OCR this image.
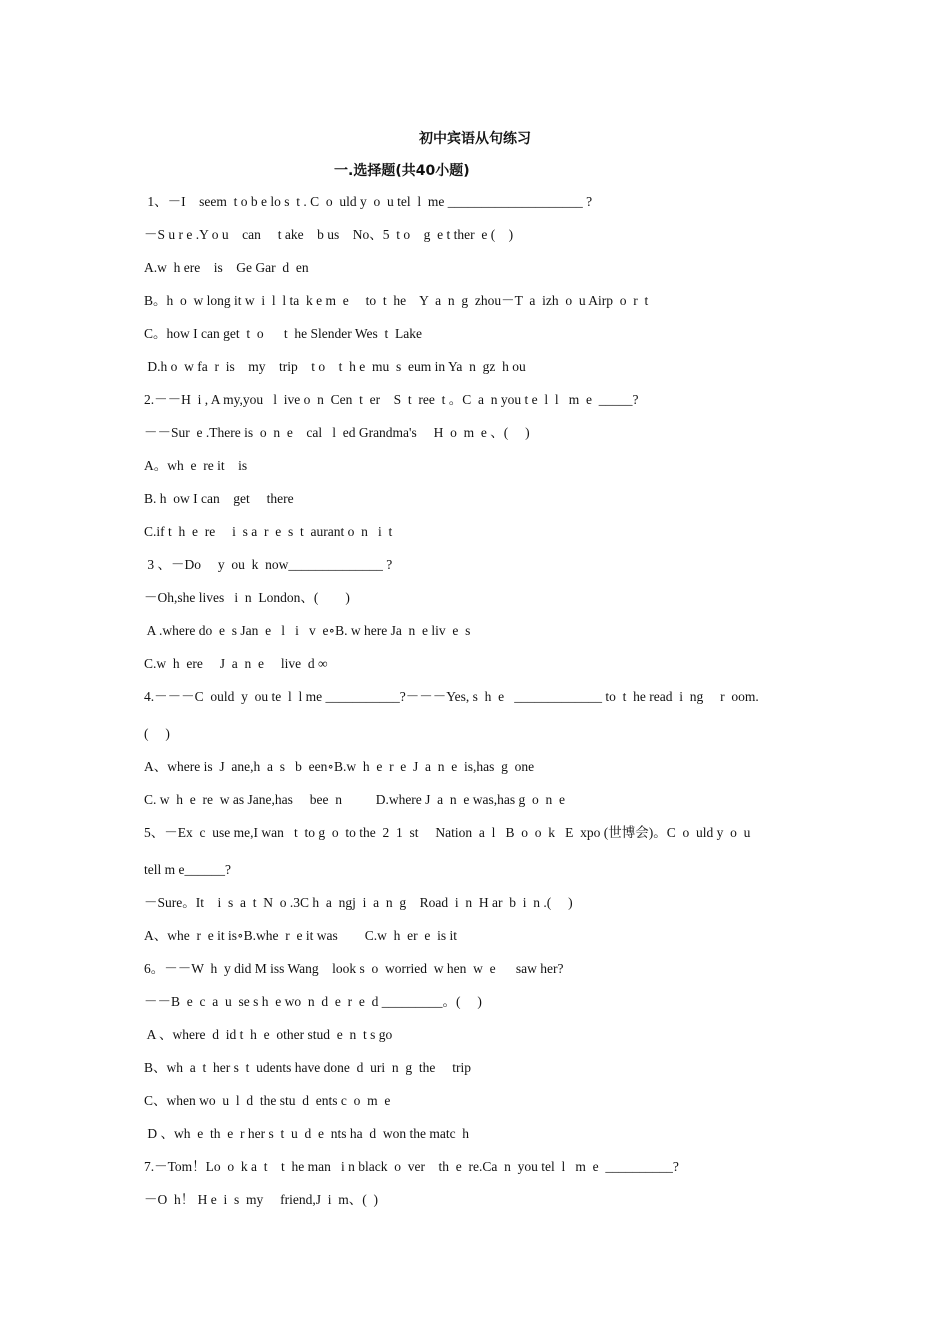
初中宾语从句练习
一.选择题(共40小题)
1、－I    seem  t o b e lo s  t . C  o  uld y  o  u tel  l  me ____________________ ?
－S u r e .Y o u    can     t ake    b us    No、5  t o    g  e t ther  e (    )
A.w  h ere    is    Ge Gar  d  en
B。h  o  w long it w  i  l  l ta  k e m  e     to  t  he    Y  a  n  g  zhou－T  a  izh  o  u Airp  o  r  t
C。how I can get  t  o      t  he Slender Wes  t  Lake
D.h o  w fa  r  is    my    trip    t o    t  h e  mu  s  eum in Ya  n  gz  h ou
2.－－H  i , A my,you   l  ive o  n  Cen  t  er    S  t  ree  t 。C  a  n you t e  l  l   m  e  _____?
－－Sur  e .There is  o  n  e    cal   l  ed Grandma's     H  o  m  e 、(     )
A。wh  e  re it    is
B. h  ow I can    get     there
C.if t  h  e  re     i  s a  r  e  s  t  aurant o  n   i  t
3 、－Do     y  ou  k  now______________ ?
－Oh,she lives   i  n  London、(        )
A .where do  e  s Jan  e   l   i   v  e∘B. w here Ja  n  e liv  e  s
C.w  h  ere     J  a  n  e     live  d ∞
4.－－－C  ould  y  ou te  l  l me ___________?－－－Yes, s  h  e   _____________ to  t  he read  i  ng     r  oom.
(     )
A、where is  J  ane,h  a  s   b  een∘B.w  h  e  r  e  J  a  n  e  is,has  g  one
C. w  h  e  re  w as Jane,has     bee  n          D.where J  a  n  e was,has g  o  n  e
5、－Ex  c  use me,I wan   t  to g  o  to the  2  1  st     Nation  a  l   B  o  o  k   E  xpo (世博会)。C  o  uld y  o  u
tell m e______?
－Sure。It    i  s  a  t  N  o .3C h  a  ngj  i  a  n  g    Road  i  n  H ar  b  i  n .(     )
A、whe  r  e it is∘B.whe  r  e it was        C.w  h  er  e  is it
6。－－W  h  y did M iss Wang    look s  o  worried  w hen  w  e      saw her?
－－B  e  c  a  u  se s h  e wo  n  d  e  r  e  d _________。(     )
A 、where  d  id t  h  e  other stud  e  n  t s go
B、wh  a  t  her s  t  udents have done  d  uri  n  g  the     trip
C、when wo  u  l  d  the stu  d  ents c  o  m  e
D 、wh  e  th  e  r her s  t  u  d  e  nts ha  d  won the matc  h
7.－Tom！Lo  o  k a  t    t  he man   i n black  o  ver    th  e  re.Ca  n  you tel  l   m  e  __________?
－O  h！ H e  i  s  my     friend,J  i  m、(  )
